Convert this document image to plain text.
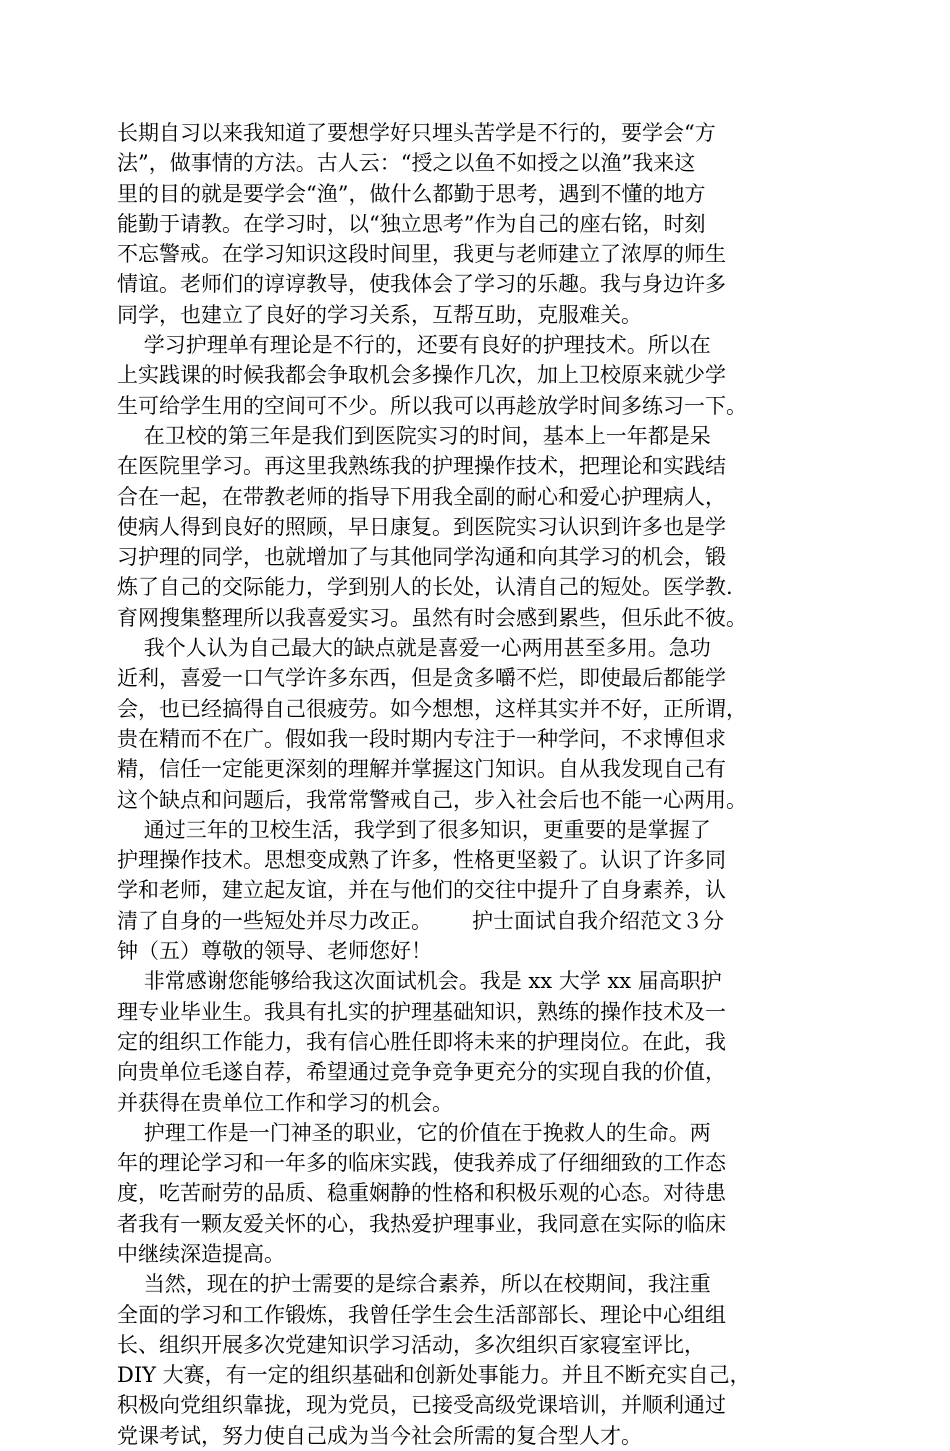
长期自习以来我知道了要想学好只埋头苦学是不行的，要学会“方
法”，做事情的方法。古人云：“授之以鱼不如授之以渔”我来这
里的目的就是要学会“渔”，做什么都勤于思考，遇到不懂的地方
能勤于请教。在学习时，以“独立思考”作为自己的座右铭，时刻
不忘警戒。在学习知识这段时间里，我更与老师建立了浓厚的师生
情谊。老师们的谆谆教导，使我体会了学习的乐趣。我与身边许多
同学，也建立了良好的学习关系，互帮互助，克服难关。
学习护理单有理论是不行的，还要有良好的护理技术。所以在
上实践课的时候我都会争取机会多操作几次，加上卫校原来就少学
生可给学生用的空间可不少。所以我可以再趁放学时间多练习一下。
在卫校的第三年是我们到医院实习的时间，基本上一年都是呆
在医院里学习。再这里我熟练我的护理操作技术，把理论和实践结
合在一起，在带教老师的指导下用我全副的耐心和爱心护理病人，
使病人得到良好的照顾，早日康复。到医院实习认识到许多也是学
习护理的同学，也就增加了与其他同学沟通和向其学习的机会，锻
炼了自己的交际能力，学到别人的长处，认清自己的短处。医学教.
育网搜集整理所以我喜爱实习。虽然有时会感到累些，但乐此不彼。
我个人认为自己最大的缺点就是喜爱一心两用甚至多用。急功
近利，喜爱一口气学许多东西，但是贪多嚼不烂，即使最后都能学
会，也已经搞得自己很疲劳。如今想想，这样其实并不好，正所谓，
贵在精而不在广。假如我一段时期内专注于一种学问，不求博但求
精，信任一定能更深刻的理解并掌握这门知识。自从我发现自己有
这个缺点和问题后，我常常警戒自己，步入社会后也不能一心两用。
通过三年的卫校生活，我学到了很多知识，更重要的是掌握了
护理操作技术。思想变成熟了许多，性格更坚毅了。认识了许多同
学和老师，建立起友谊，并在与他们的交往中提升了自身素养，认
清了自身的一些短处并尽力改正。      护士面试自我介绍范文３分
钟（五）尊敬的领导、老师您好！
非常感谢您能够给我这次面试机会。我是 xx 大学 xx 届高职护
理专业毕业生。我具有扎实的护理基础知识，熟练的操作技术及一
定的组织工作能力，我有信心胜任即将未来的护理岗位。在此，我
向贵单位毛遂自荐，希望通过竞争竞争更充分的实现自我的价值，
并获得在贵单位工作和学习的机会。
护理工作是一门神圣的职业，它的价值在于挽救人的生命。两
年的理论学习和一年多的临床实践，使我养成了仔细细致的工作态
度，吃苦耐劳的品质、稳重娴静的性格和积极乐观的心态。对待患
者我有一颗友爱关怀的心，我热爱护理事业，我同意在实际的临床
中继续深造提高。
当然，现在的护士需要的是综合素养，所以在校期间，我注重
全面的学习和工作锻炼，我曾任学生会生活部部长、理论中心组组
长、组织开展多次党建知识学习活动，多次组织百家寝室评比，
DIY 大赛，有一定的组织基础和创新处事能力。并且不断充实自己，
积极向党组织靠拢，现为党员，已接受高级党课培训，并顺利通过
党课考试，努力使自己成为当今社会所需的复合型人才。
